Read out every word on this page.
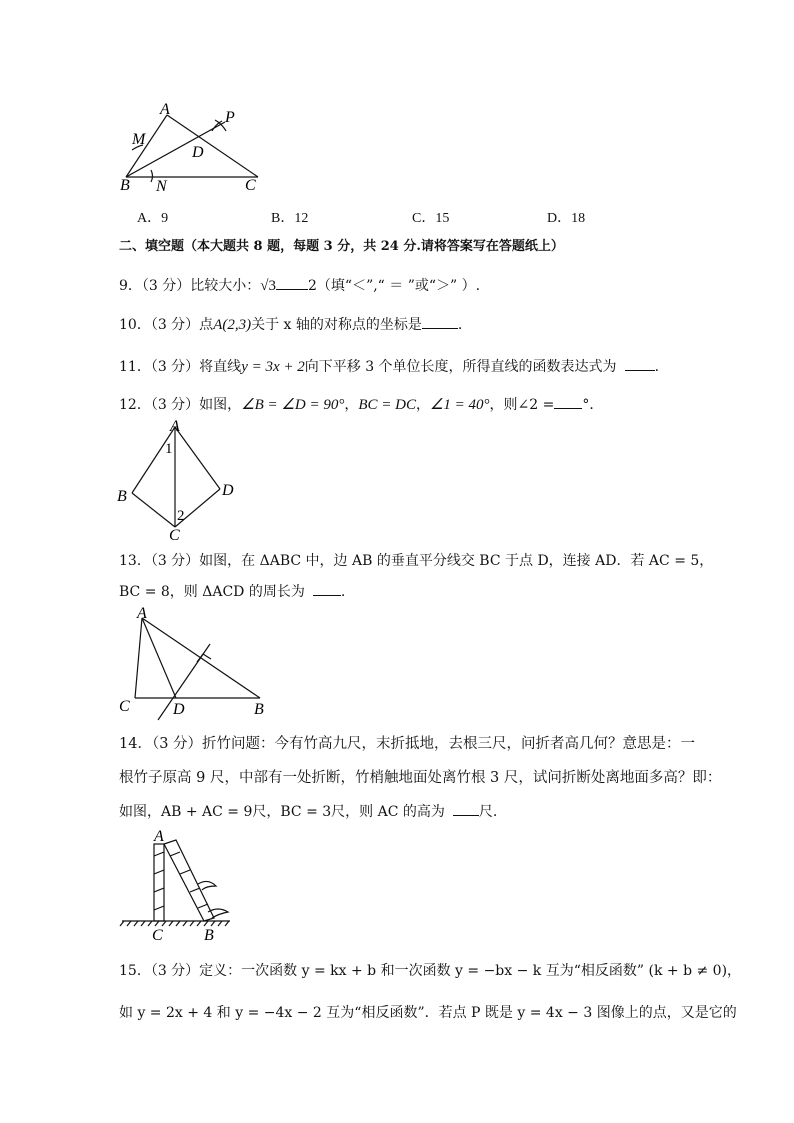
A
M
P
D
B N	C
A．9	B．12	C．15	D．18
二、填空题（本大题共 8 题，每题 3 分，共 24 分.请将答案写在答题纸上）
9．（3 分）比较大小：√3 2（填“＜”,“ ＝ ”或“＞” ）.
10．（3 分）点A(2,3)关于 x 轴的对称点的坐标是	.
11．（3 分）将直线y = 3x + 2向下平移 3 个单位长度，所得直线的函数表达式为	.
12．（3 分）如图，∠B = ∠D = 90°，BC = DC，∠1 = 40°，则∠2 = °．
A
B	D
C
1
2
13．（3 分）如图，在 ΔABC 中，边 AB 的垂直平分线交 BC 于点 D，连接 AD．若 AC = 5，
BC = 8，则 ΔACD 的周长为	.
A
C	D	B
14．（3 分）折竹问题：今有竹高九尺，末折抵地，去根三尺，问折者高几何？意思是：一
根竹子原高 9 尺，中部有一处折断，竹梢触地面处离竹根 3 尺，试问折断处离地面多高？即：
如图，AB + AC = 9尺，BC = 3尺，则 AC 的高为 尺.
A
C	B
15．（3 分）定义：一次函数 y = kx + b 和一次函数 y = −bx − k 互为“相反函数” (k + b ≠ 0)，
如 y = 2x + 4 和 y = −4x − 2 互为“相反函数”．若点 P 既是 y = 4x − 3 图像上的点，又是它的
